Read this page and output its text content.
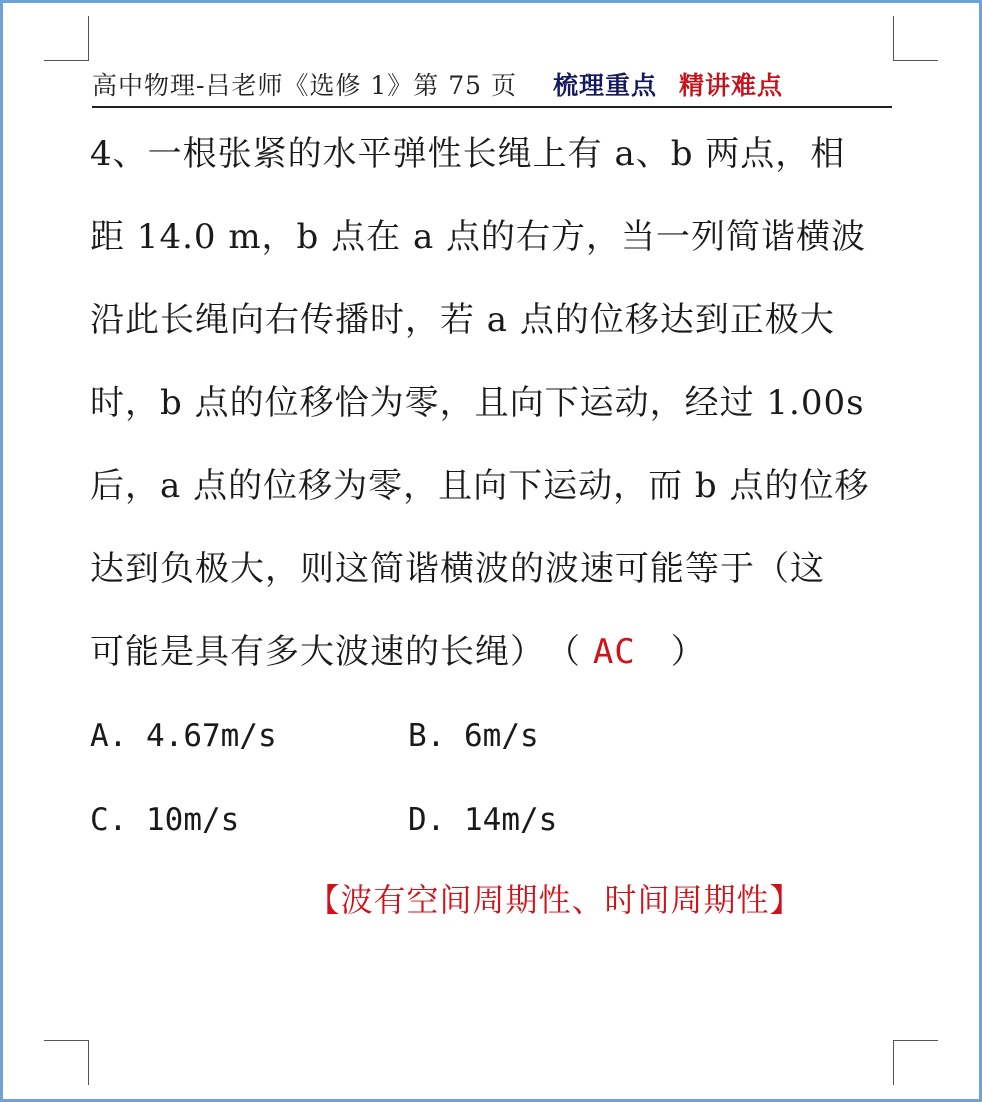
高中物理-吕老师《选修 1》第 75 页 梳理重点 精讲难点
4、一根张紧的水平弹性长绳上有 a、b 两点，相
距 14.0 m，b 点在 a 点的右方，当一列简谐横波
沿此长绳向右传播时，若 a 点的位移达到正极大
时，b 点的位移恰为零，且向下运动，经过 1.00s
后，a 点的位移为零，且向下运动，而 b 点的位移
达到负极大，则这简谐横波的波速可能等于（这
可能是具有多大波速的长绳）　（ AC　）
A. 4.67m/s	B. 6m/s
C. 10m/s	D. 14m/s
【波有空间周期性、时间周期性】
